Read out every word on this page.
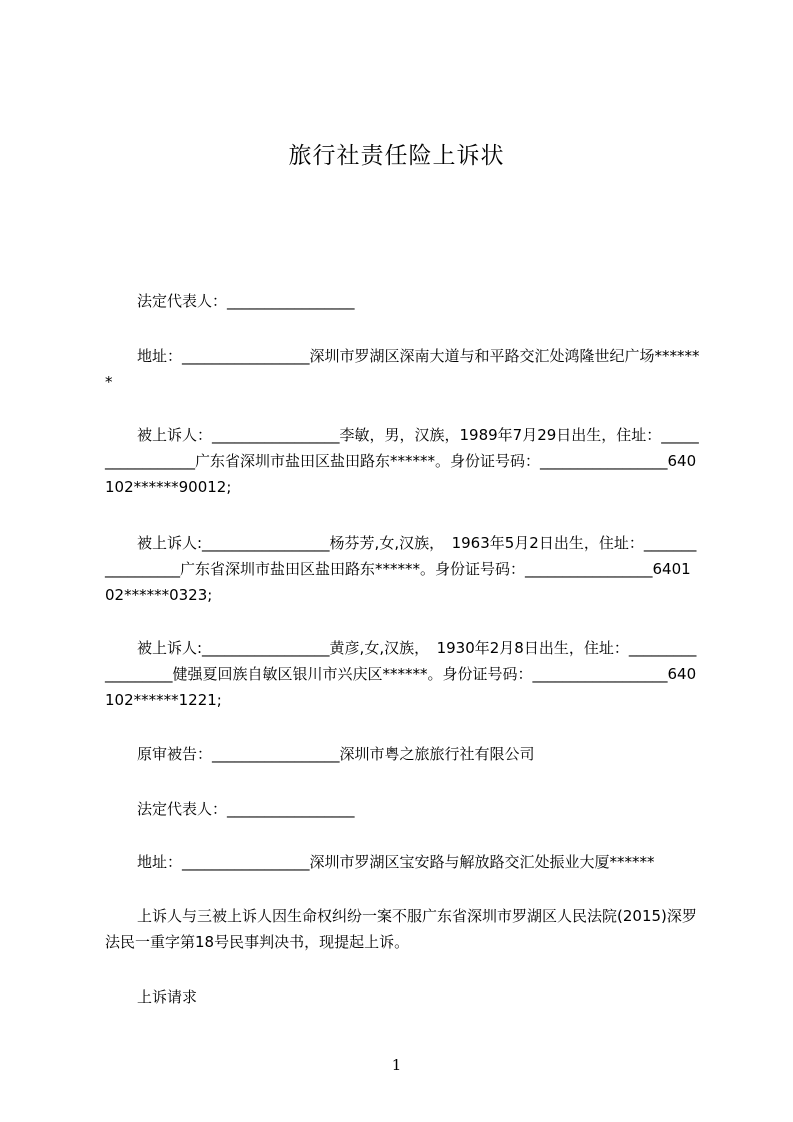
旅行社责任险上诉状
法定代表人：_________________
地址：_________________深圳市罗湖区深南大道与和平路交汇处鸿隆世纪广场*******
被上诉人：_________________李敏，男，汉族，1989年7月29日出生，住址：_________________广东省深圳市盐田区盐田路东******。身份证号码：_________________640102******90012;
被上诉人:_________________杨芬芳,女,汉族，　1963年5月2日出生，住址：_________________广东省深圳市盐田区盐田路东******。身份证号码：_________________640102******0323;
被上诉人:_________________黄彦,女,汉族，　1930年2月8日出生，住址：__________________健强夏回族自敏区银川市兴庆区******。身份证号码：__________________640102******1221;
原审被告：_________________深圳市粤之旅旅行社有限公司
法定代表人：_________________
地址：_________________深圳市罗湖区宝安路与解放路交汇处振业大厦******
上诉人与三被上诉人因生命权纠纷一案不服广东省深圳市罗湖区人民法院(2015)深罗法民一重字第18号民事判决书，现提起上诉。
上诉请求
1
